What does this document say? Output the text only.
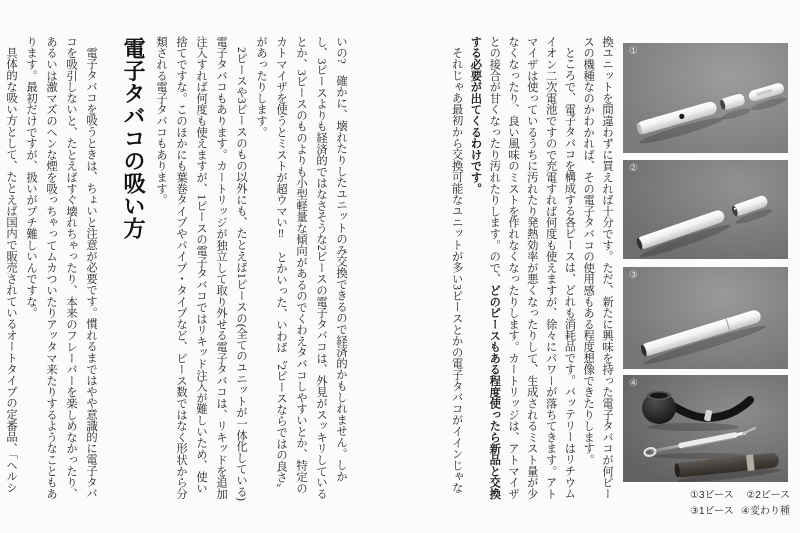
換ユニットを間違わずに買えれば十分です。ただ、新たに興味を持った電子タバコが何ピースの機種なのかわかれば、その電子タバコの使用感もある程度想像できたりします。

ところで、電子タバコを構成する各ピースは、どれも消耗品です。バッテリーはリチウムイオン二次電池ですので充電すれば何度も使えますが、徐々にパワーが落ちてきます。アトマイザは使っているうちに汚れたり発熱効率が悪くなったりして、生成されるミスト量が少なくなったり、良い風味のミストを作れなくなったりします。カートリッジは、アトマイザとの接合が甘くなったり汚れたりします。ので、どのピースもある程度使ったら新品と交換する必要が出てくるわけです。

それじゃあ最初から交換可能なユニットが多い3ピースとかの電子タバコがイインじゃな

いの?　確かに、壊れたりしたユニットのみ交換できるので経済的かもしれません。しかし、3ピースよりも経済的ではなさそうな2ピースの電子タバコは、外見がスッキリしているとか、3ピースのものよりも小型軽量な傾向があるのでくわえタバコしやすいとか、特定のカトマイザを使うとミストが超ウマい‼　とかいった、いわば〝2ピースならではの良さ〞があったりします。

2ピースや3ピースのもの以外にも、たとえば1ピースの(全てのユニットが一体化している)電子タバコもあります。カートリッジが独立して取り外せる電子タバコは、リキッドを追加注入すれば何度も使えますが、1ピースの電子タバコではリキッド注入が難しいため、使い捨てですな。このほかにも葉巻タイプやパイプ・タイプなど、ピース数ではなく形状から分類される電子タバコもあります。

電子タバコの吸い方

電子タバコを吸うときは、ちょいと注意が必要です。慣れるまではやや意識的に電子タバコを吸引しないと、たとえばすぐ壊れちゃったり、本来のフレーバーを楽しめなかったり、あるいは激マズのヘンな煙を吸っちゃってムカついたりアッタマ来たりするようなこともあります。最初だけですが、扱いがプチ難しいんですな。

具体的な吸い方として、たとえば国内で販売されているオートタイプの定番品、「ヘルシ	①
②
③
④
①3ピース ②2ピース
③1ピース ④変わり種
